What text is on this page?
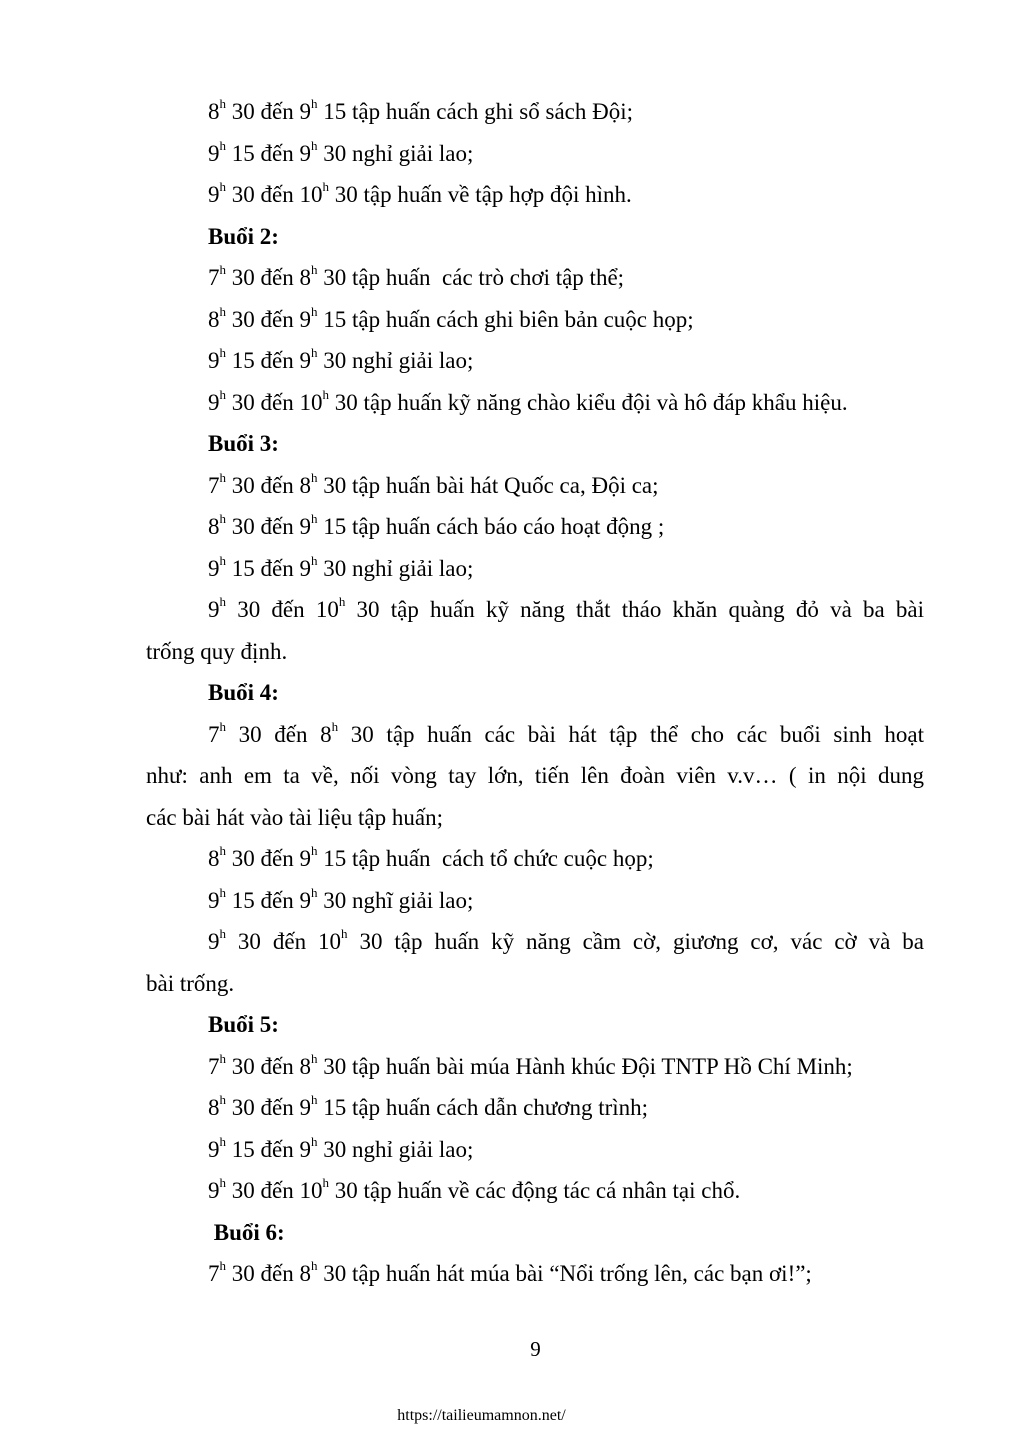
8$^h$ 30 đến 9$^h$ 15 tập huấn cách ghi sổ sách Đội;
9$^h$ 15 đến 9$^h$ 30 nghỉ giải lao;
9$^h$ 30 đến 10$^h$ 30 tập huấn về tập hợp đội hình.
Buổi 2:
7$^h$ 30 đến 8$^h$ 30 tập huấn  các trò chơi tập thể;
8$^h$ 30 đến 9$^h$ 15 tập huấn cách ghi biên bản cuộc họp;
9$^h$ 15 đến 9$^h$ 30 nghỉ giải lao;
9$^h$ 30 đến 10$^h$ 30 tập huấn kỹ năng chào kiểu đội và hô đáp khẩu hiệu.
Buổi 3:
7$^h$ 30 đến 8$^h$ 30 tập huấn bài hát Quốc ca, Đội ca;
8$^h$ 30 đến 9$^h$ 15 tập huấn cách báo cáo hoạt động ;
9$^h$ 15 đến 9$^h$ 30 nghỉ giải lao;
9$^h$ 30 đến 10$^h$ 30 tập huấn kỹ năng thắt tháo khăn quàng đỏ và ba bài
trống quy định.
Buổi 4:
7$^h$ 30 đến 8$^h$ 30 tập huấn các bài hát tập thể cho các buổi sinh hoạt
như: anh em ta về, nối vòng tay lớn, tiến lên đoàn viên v.v… ( in nội dung
các bài hát vào tài liệu tập huấn;
8$^h$ 30 đến 9$^h$ 15 tập huấn  cách tổ chức cuộc họp;
9$^h$ 15 đến 9$^h$ 30 nghĩ giải lao;
9$^h$ 30 đến 10$^h$ 30 tập huấn kỹ năng cầm cờ, giương cơ, vác cờ và ba
bài trống.
Buổi 5:
7$^h$ 30 đến 8$^h$ 30 tập huấn bài múa Hành khúc Đội TNTP Hồ Chí Minh;
8$^h$ 30 đến 9$^h$ 15 tập huấn cách dẫn chương trình;
9$^h$ 15 đến 9$^h$ 30 nghỉ giải lao;
9$^h$ 30 đến 10$^h$ 30 tập huấn về các động tác cá nhân tại chổ.
Buổi 6:
7$^h$ 30 đến 8$^h$ 30 tập huấn hát múa bài “Nổi trống lên, các bạn ơi!”;
9
https://tailieumamnon.net/
